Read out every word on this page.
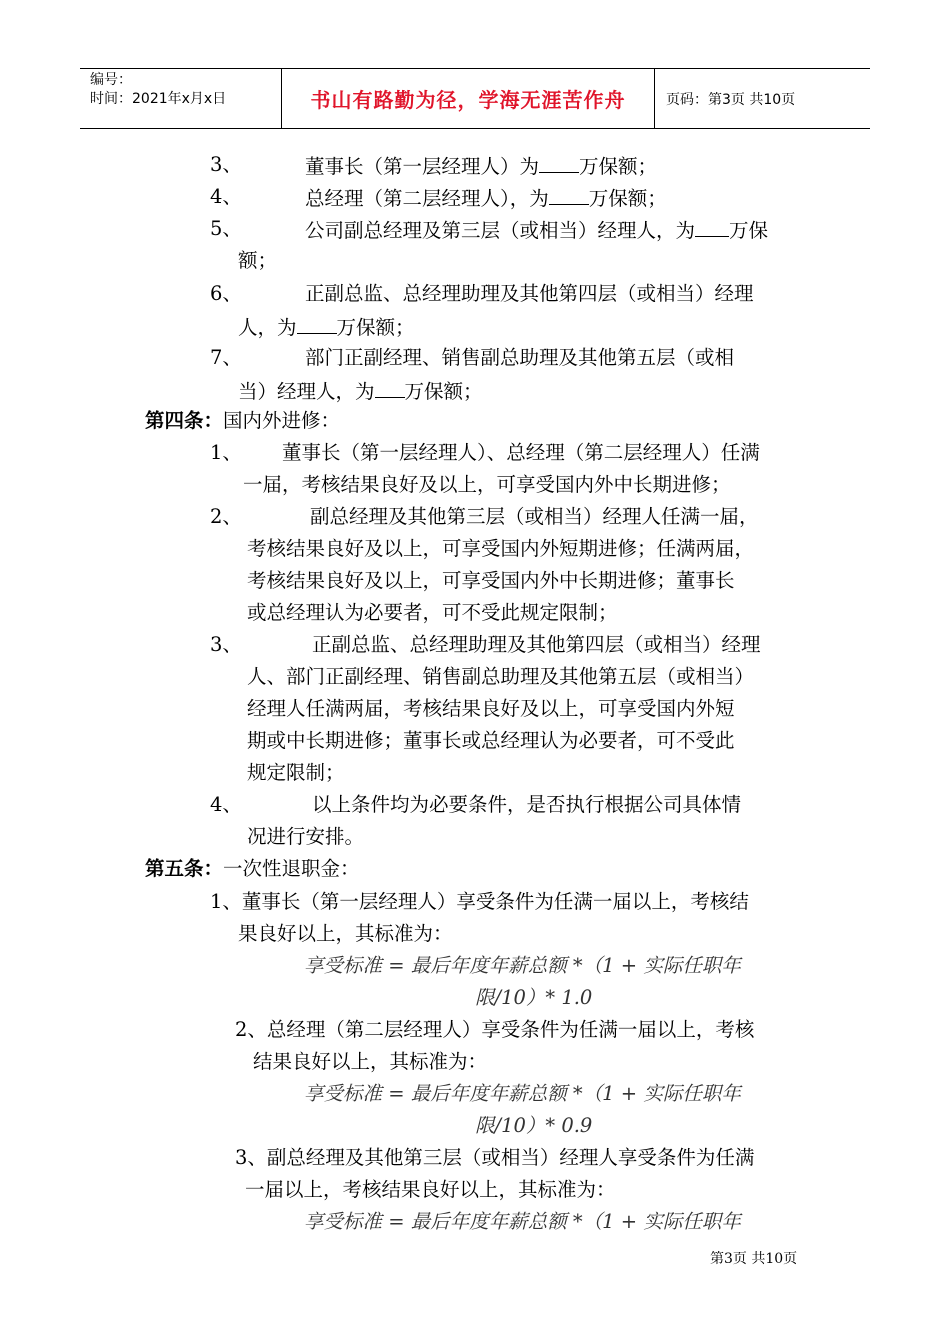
编号：
时间：2021年x月x日	书山有路勤为径，学海无涯苦作舟	页码：第3页 共10页
3、	董事长（第一层经理人）为 万保额；
4、	总经理（第二层经理人），为 万保额；
5、	公司副总经理及第三层（或相当）经理人，为 万保
额；
6、	正副总监、总经理助理及其他第四层（或相当）经理
人，为 万保额；
7、	部门正副经理、销售副总助理及其他第五层（或相
当）经理人，为 万保额；
第四条：国内外进修：
1、 董事长（第一层经理人）、总经理（第二层经理人）任满
一届，考核结果良好及以上，可享受国内外中长期进修；
2、	副总经理及其他第三层（或相当）经理人任满一届，
考核结果良好及以上，可享受国内外短期进修；任满两届，
考核结果良好及以上，可享受国内外中长期进修；董事长
或总经理认为必要者，可不受此规定限制；
3、	正副总监、总经理助理及其他第四层（或相当）经理
人、部门正副经理、销售副总助理及其他第五层（或相当）
经理人任满两届，考核结果良好及以上，可享受国内外短
期或中长期进修；董事长或总经理认为必要者，可不受此
规定限制；
4、	以上条件均为必要条件，是否执行根据公司具体情
况进行安排。
第五条：一次性退职金：
1、董事长（第一层经理人）享受条件为任满一届以上，考核结
果良好以上，其标准为：
享受标准 = 最后年度年薪总额 *（1 + 实际任职年
限/10）* 1.0
2、总经理（第二层经理人）享受条件为任满一届以上，考核
结果良好以上，其标准为：
享受标准 = 最后年度年薪总额 *（1 + 实际任职年
限/10）* 0.9
3、副总经理及其他第三层（或相当）经理人享受条件为任满
一届以上，考核结果良好以上，其标准为：
享受标准 = 最后年度年薪总额 *（1 + 实际任职年
第3页 共10页
